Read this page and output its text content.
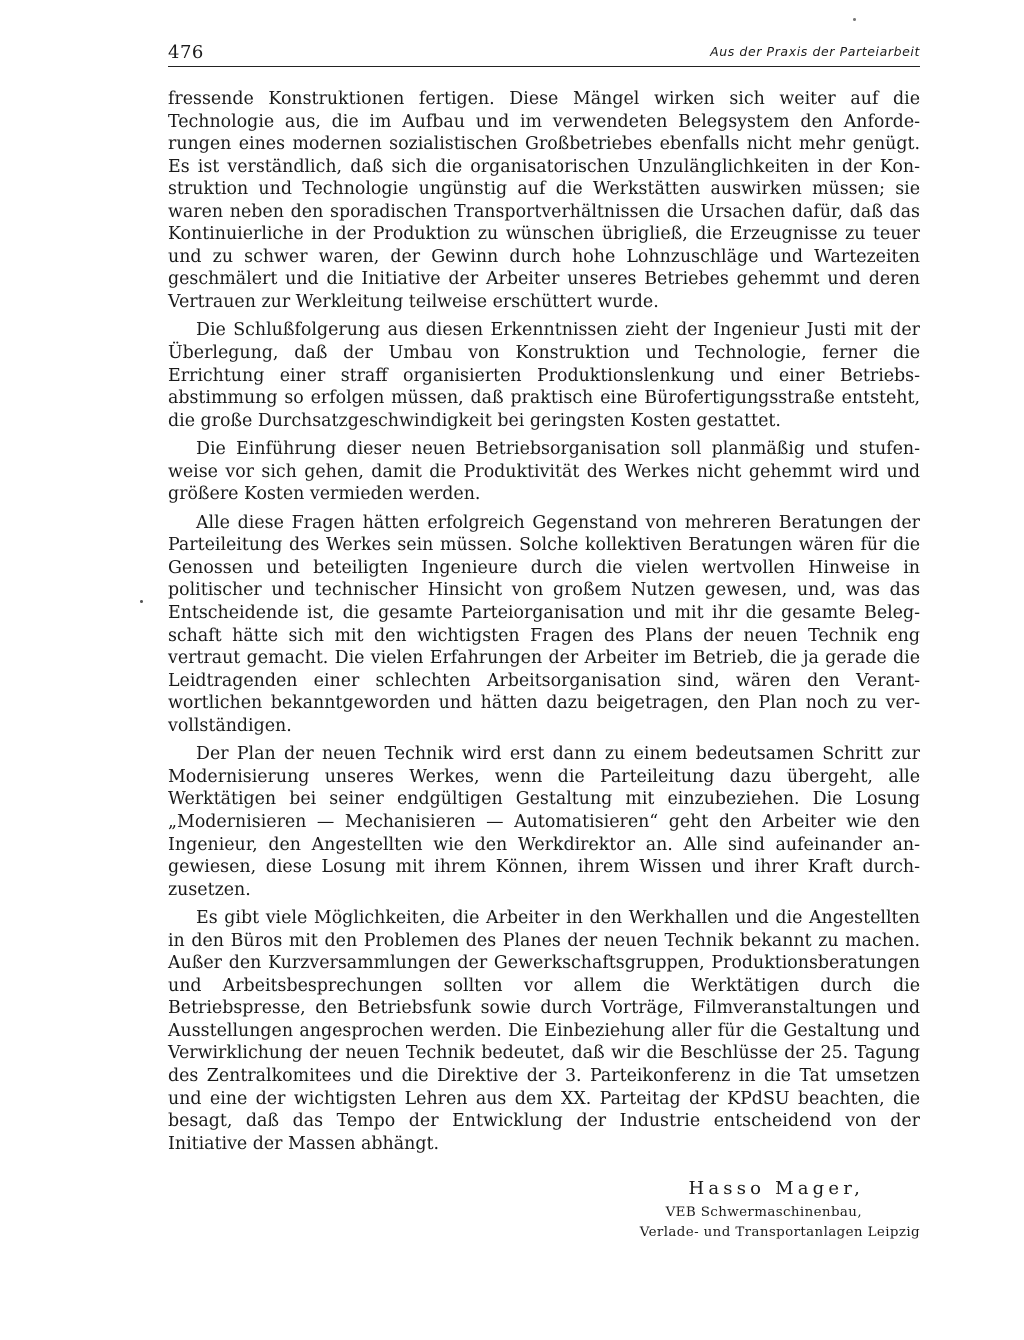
476	Aus der Praxis der Parteiarbeit

fressende Konstruktionen fertigen. Diese Mängel wirken sich weiter auf die Technologie aus, die im Aufbau und im verwendeten Belegsystem den Anforderungen eines modernen sozialistischen Großbetriebes ebenfalls nicht mehr genügt. Es ist verständlich, daß sich die organisatorischen Unzulänglichkeiten in der Konstruktion und Technologie ungünstig auf die Werkstätten auswirken müssen; sie waren neben den sporadischen Transportverhältnissen die Ursachen dafür, daß das Kontinuierliche in der Produktion zu wünschen übrigließ, die Erzeugnisse zu teuer und zu schwer waren, der Gewinn durch hohe Lohnzuschläge und Wartezeiten geschmälert und die Initiative der Arbeiter unseres Betriebes gehemmt und deren Vertrauen zur Werkleitung teilweise erschüttert wurde.

Die Schlußfolgerung aus diesen Erkenntnissen zieht der Ingenieur Justi mit der Überlegung, daß der Umbau von Konstruktion und Technologie, ferner die Errichtung einer straff organisierten Produktionslenkung und einer Betriebsabstimmung so erfolgen müssen, daß praktisch eine Bürofertigungsstraße entsteht, die große Durchsatzgeschwindigkeit bei geringsten Kosten gestattet.

Die Einführung dieser neuen Betriebsorganisation soll planmäßig und stufenweise vor sich gehen, damit die Produktivität des Werkes nicht gehemmt wird und größere Kosten vermieden werden.

Alle diese Fragen hätten erfolgreich Gegenstand von mehreren Beratungen der Parteileitung des Werkes sein müssen. Solche kollektiven Beratungen wären für die Genossen und beteiligten Ingenieure durch die vielen wertvollen Hinweise in politischer und technischer Hinsicht von großem Nutzen gewesen, und, was das Entscheidende ist, die gesamte Parteiorganisation und mit ihr die gesamte Belegschaft hätte sich mit den wichtigsten Fragen des Plans der neuen Technik eng vertraut gemacht. Die vielen Erfahrungen der Arbeiter im Betrieb, die ja gerade die Leidtragenden einer schlechten Arbeitsorganisation sind, wären den Verantwortlichen bekanntgeworden und hätten dazu beigetragen, den Plan noch zu vervollständigen.

Der Plan der neuen Technik wird erst dann zu einem bedeutsamen Schritt zur Modernisierung unseres Werkes, wenn die Parteileitung dazu übergeht, alle Werktätigen bei seiner endgültigen Gestaltung mit einzubeziehen. Die Losung „Modernisieren — Mechanisieren — Automatisieren“ geht den Arbeiter wie den Ingenieur, den Angestellten wie den Werkdirektor an. Alle sind aufeinander angewiesen, diese Losung mit ihrem Können, ihrem Wissen und ihrer Kraft durchzusetzen.

Es gibt viele Möglichkeiten, die Arbeiter in den Werkhallen und die Angestellten in den Büros mit den Problemen des Planes der neuen Technik bekannt zu machen. Außer den Kurzversammlungen der Gewerkschaftsgruppen, Produktionsberatungen und Arbeitsbesprechungen sollten vor allem die Werktätigen durch die Betriebspresse, den Betriebsfunk sowie durch Vorträge, Filmveranstaltungen und Ausstellungen angesprochen werden. Die Einbeziehung aller für die Gestaltung und Verwirklichung der neuen Technik bedeutet, daß wir die Beschlüsse der 25. Tagung des Zentralkomitees und die Direktive der 3. Parteikonferenz in die Tat umsetzen und eine der wichtigsten Lehren aus dem XX. Parteitag der KPdSU beachten, die besagt, daß das Tempo der Entwicklung der Industrie entscheidend von der Initiative der Massen abhängt.

Hasso Mager,
VEB Schwermaschinenbau,
Verlade- und Transportanlagen Leipzig
